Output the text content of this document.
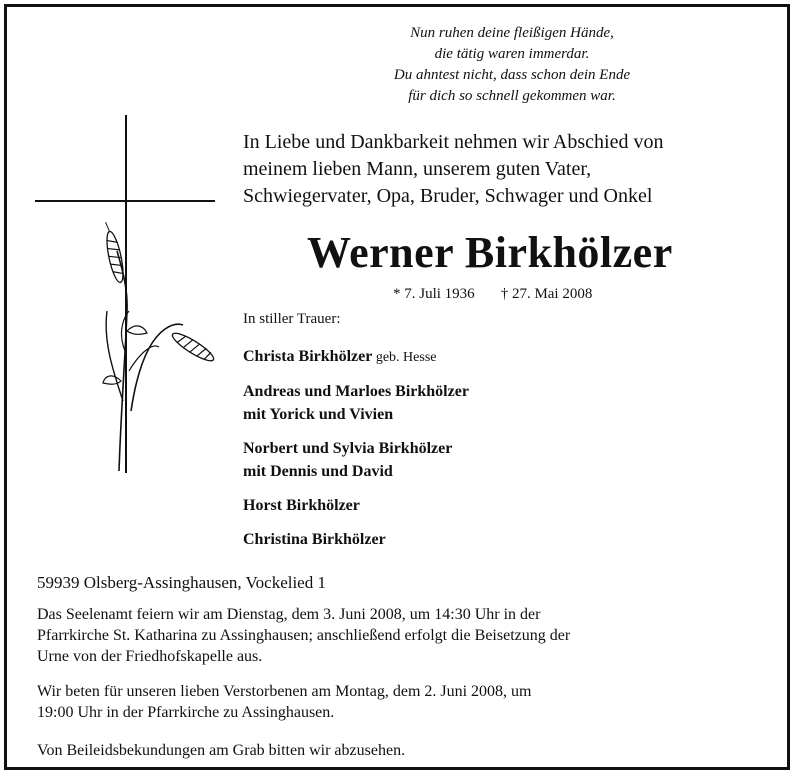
Nun ruhen deine fleißigen Hände,
die tätig waren immerdar.
Du ahntest nicht, dass schon dein Ende
für dich so schnell gekommen war.
In Liebe und Dankbarkeit nehmen wir Abschied von
meinem lieben Mann, unserem guten Vater,
Schwiegervater, Opa, Bruder, Schwager und Onkel
Werner Birkhölzer
* 7. Juli 1936 † 27. Mai 2008
In stiller Trauer:
Christa Birkhölzer geb. Hesse
Andreas und Marloes Birkhölzer
mit Yorick und Vivien
Norbert und Sylvia Birkhölzer
mit Dennis und David
Horst Birkhölzer
Christina Birkhölzer
59939 Olsberg-Assinghausen, Vockelied 1
Das Seelenamt feiern wir am Dienstag, dem 3. Juni 2008, um 14:30 Uhr in der
Pfarrkirche St. Katharina zu Assinghausen; anschließend erfolgt die Beisetzung der
Urne von der Friedhofskapelle aus.
Wir beten für unseren lieben Verstorbenen am Montag, dem 2. Juni 2008, um
19:00 Uhr in der Pfarrkirche zu Assinghausen.
Von Beileidsbekundungen am Grab bitten wir abzusehen.
